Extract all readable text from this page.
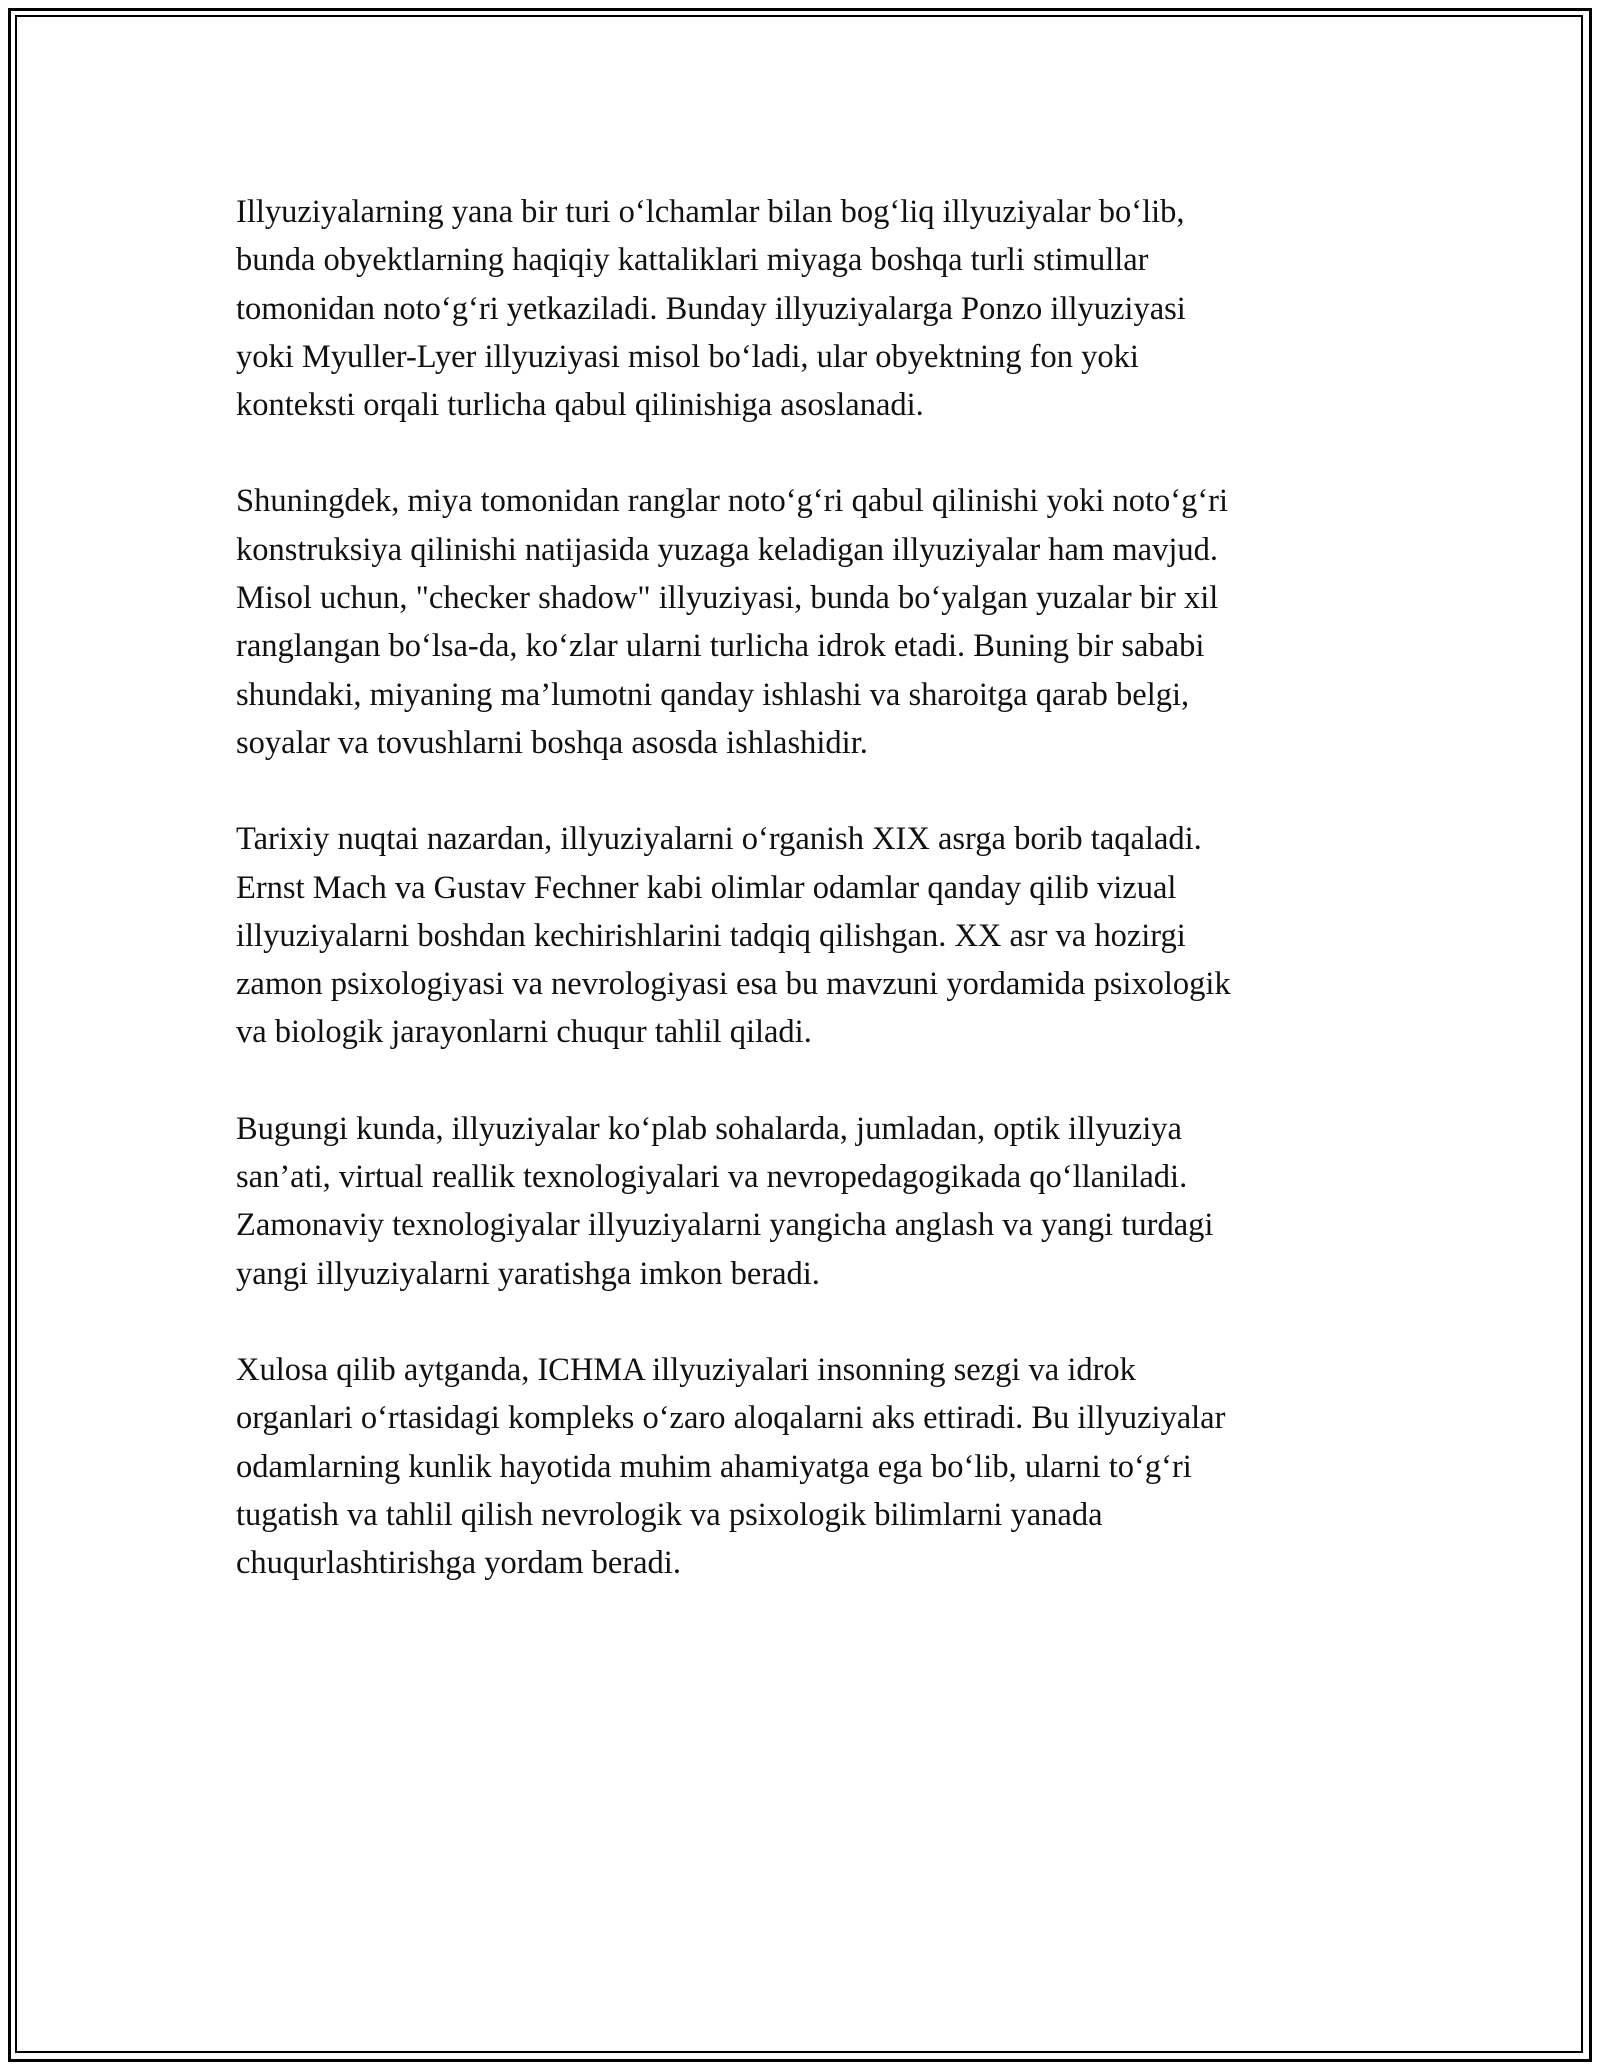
Illyuziyalarning yana bir turi o‘lchamlar bilan bog‘liq illyuziyalar bo‘lib,
bunda obyektlarning haqiqiy kattaliklari miyaga boshqa turli stimullar
tomonidan noto‘g‘ri yetkaziladi. Bunday illyuziyalarga Ponzo illyuziyasi
yoki Myuller-Lyer illyuziyasi misol bo‘ladi, ular obyektning fon yoki
konteksti orqali turlicha qabul qilinishiga asoslanadi.

Shuningdek, miya tomonidan ranglar noto‘g‘ri qabul qilinishi yoki noto‘g‘ri
konstruksiya qilinishi natijasida yuzaga keladigan illyuziyalar ham mavjud.
Misol uchun, "checker shadow" illyuziyasi, bunda bo‘yalgan yuzalar bir xil
ranglangan bo‘lsa-da, ko‘zlar ularni turlicha idrok etadi. Buning bir sababi
shundaki, miyaning ma’lumotni qanday ishlashi va sharoitga qarab belgi,
soyalar va tovushlarni boshqa asosda ishlashidir.

Tarixiy nuqtai nazardan, illyuziyalarni o‘rganish XIX asrga borib taqaladi.
Ernst Mach va Gustav Fechner kabi olimlar odamlar qanday qilib vizual
illyuziyalarni boshdan kechirishlarini tadqiq qilishgan. XX asr va hozirgi
zamon psixologiyasi va nevrologiyasi esa bu mavzuni yordamida psixologik
va biologik jarayonlarni chuqur tahlil qiladi.

Bugungi kunda, illyuziyalar ko‘plab sohalarda, jumladan, optik illyuziya
san’ati, virtual reallik texnologiyalari va nevropedagogikada qo‘llaniladi.
Zamonaviy texnologiyalar illyuziyalarni yangicha anglash va yangi turdagi
yangi illyuziyalarni yaratishga imkon beradi.

Xulosa qilib aytganda, ICHMA illyuziyalari insonning sezgi va idrok
organlari o‘rtasidagi kompleks o‘zaro aloqalarni aks ettiradi. Bu illyuziyalar
odamlarning kunlik hayotida muhim ahamiyatga ega bo‘lib, ularni to‘g‘ri
tugatish va tahlil qilish nevrologik va psixologik bilimlarni yanada
chuqurlashtirishga yordam beradi.
